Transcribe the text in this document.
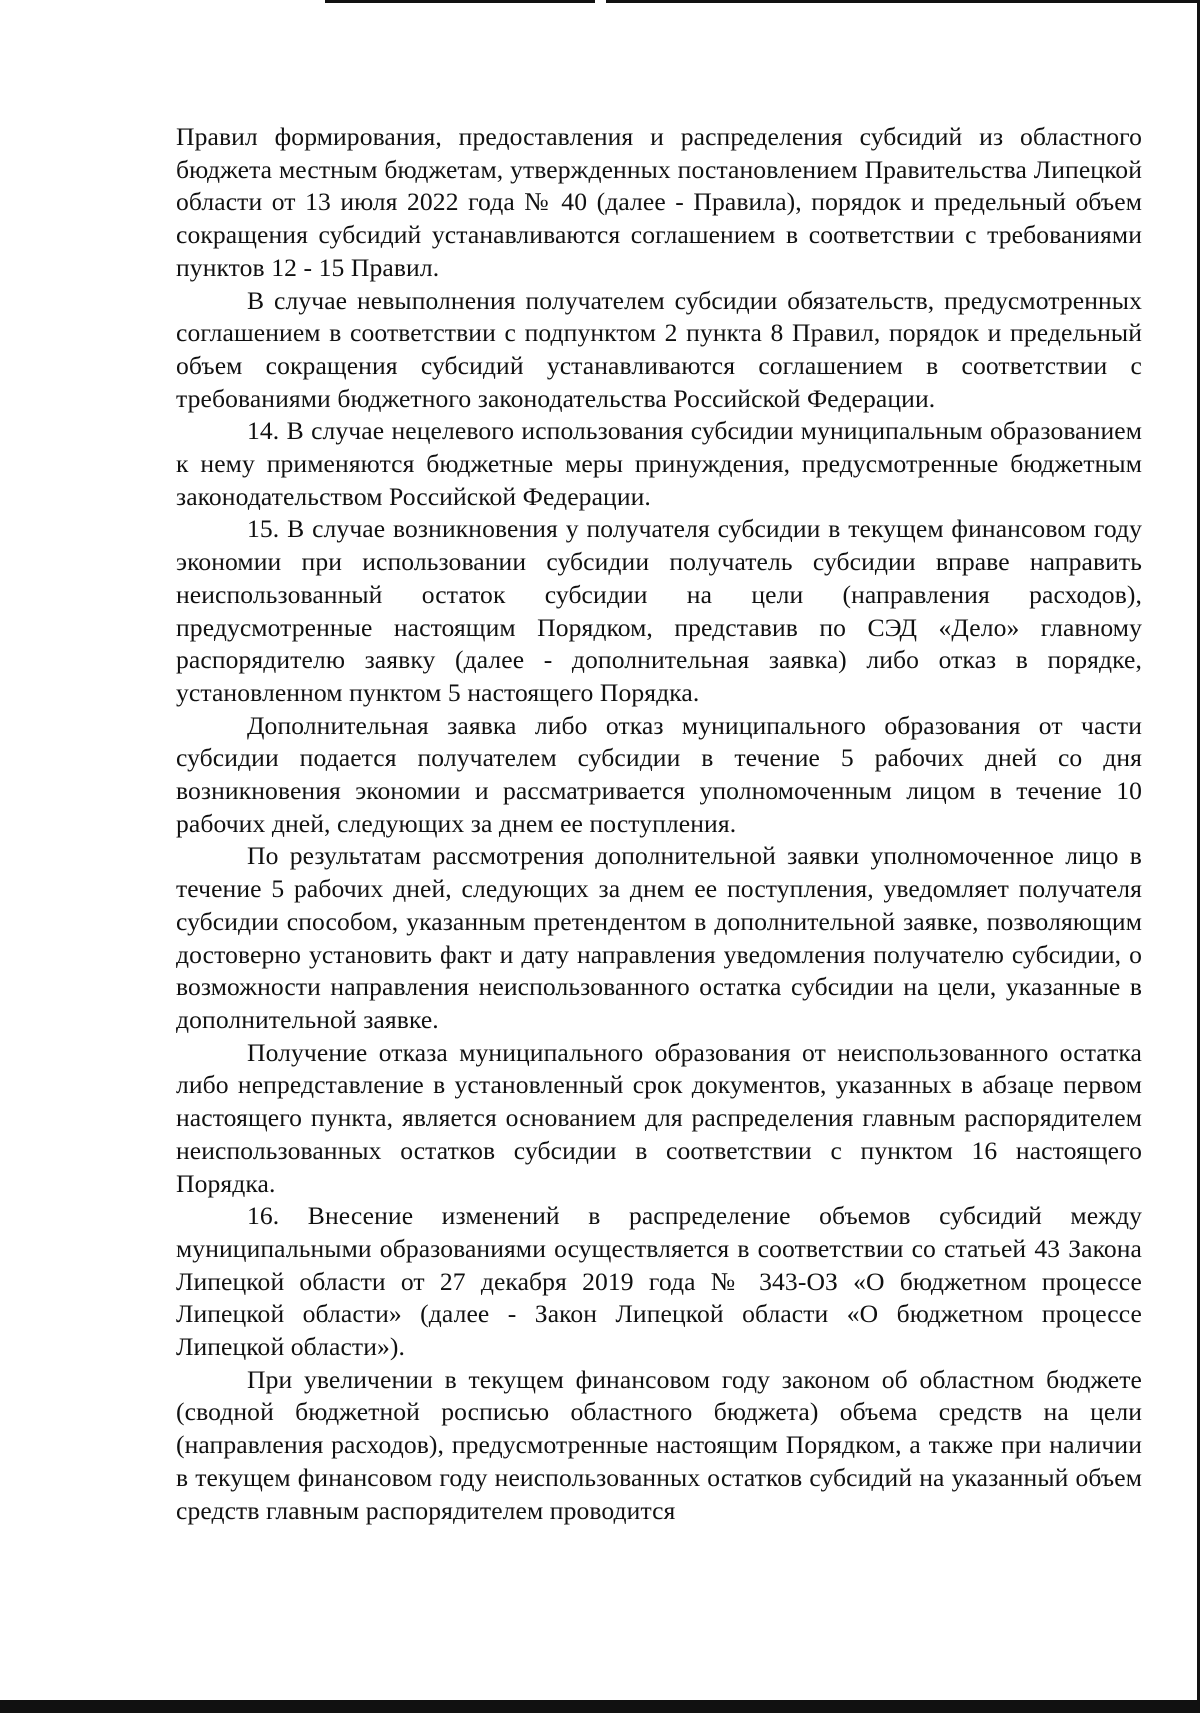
Правил формирования, предоставления и распределения субсидий из областного бюджета местным бюджетам, утвержденных постановлением Правительства Липецкой области от 13 июля 2022 года № 40 (далее - Правила), порядок и предельный объем сокращения субсидий устанавливаются соглашением в соответствии с требованиями пунктов 12 - 15 Правил.

В случае невыполнения получателем субсидии обязательств, предусмотренных соглашением в соответствии с подпунктом 2 пункта 8 Правил, порядок и предельный объем сокращения субсидий устанавливаются соглашением в соответствии с требованиями бюджетного законодательства Российской Федерации.

14. В случае нецелевого использования субсидии муниципальным образованием к нему применяются бюджетные меры принуждения, предусмотренные бюджетным законодательством Российской Федерации.

15. В случае возникновения у получателя субсидии в текущем финансовом году экономии при использовании субсидии получатель субсидии вправе направить неиспользованный остаток субсидии на цели (направления расходов), предусмотренные настоящим Порядком, представив по СЭД «Дело» главному распорядителю заявку (далее - дополнительная заявка) либо отказ в порядке, установленном пунктом 5 настоящего Порядка.

Дополнительная заявка либо отказ муниципального образования от части субсидии подается получателем субсидии в течение 5 рабочих дней со дня возникновения экономии и рассматривается уполномоченным лицом в течение 10 рабочих дней, следующих за днем ее поступления.

По результатам рассмотрения дополнительной заявки уполномоченное лицо в течение 5 рабочих дней, следующих за днем ее поступления, уведомляет получателя субсидии способом, указанным претендентом в дополнительной заявке, позволяющим достоверно установить факт и дату направления уведомления получателю субсидии, о возможности направления неиспользованного остатка субсидии на цели, указанные в дополнительной заявке.

Получение отказа муниципального образования от неиспользованного остатка либо непредставление в установленный срок документов, указанных в абзаце первом настоящего пункта, является основанием для распределения главным распорядителем неиспользованных остатков субсидии в соответствии с пунктом 16 настоящего Порядка.

16. Внесение изменений в распределение объемов субсидий между муниципальными образованиями осуществляется в соответствии со статьей 43 Закона Липецкой области от 27 декабря 2019 года № 343-ОЗ «О бюджетном процессе Липецкой области» (далее - Закон Липецкой области «О бюджетном процессе Липецкой области»).

При увеличении в текущем финансовом году законом об областном бюджете (сводной бюджетной росписью областного бюджета) объема средств на цели (направления расходов), предусмотренные настоящим Порядком, а также при наличии в текущем финансовом году неиспользованных остатков субсидий на указанный объем средств главным распорядителем проводится
